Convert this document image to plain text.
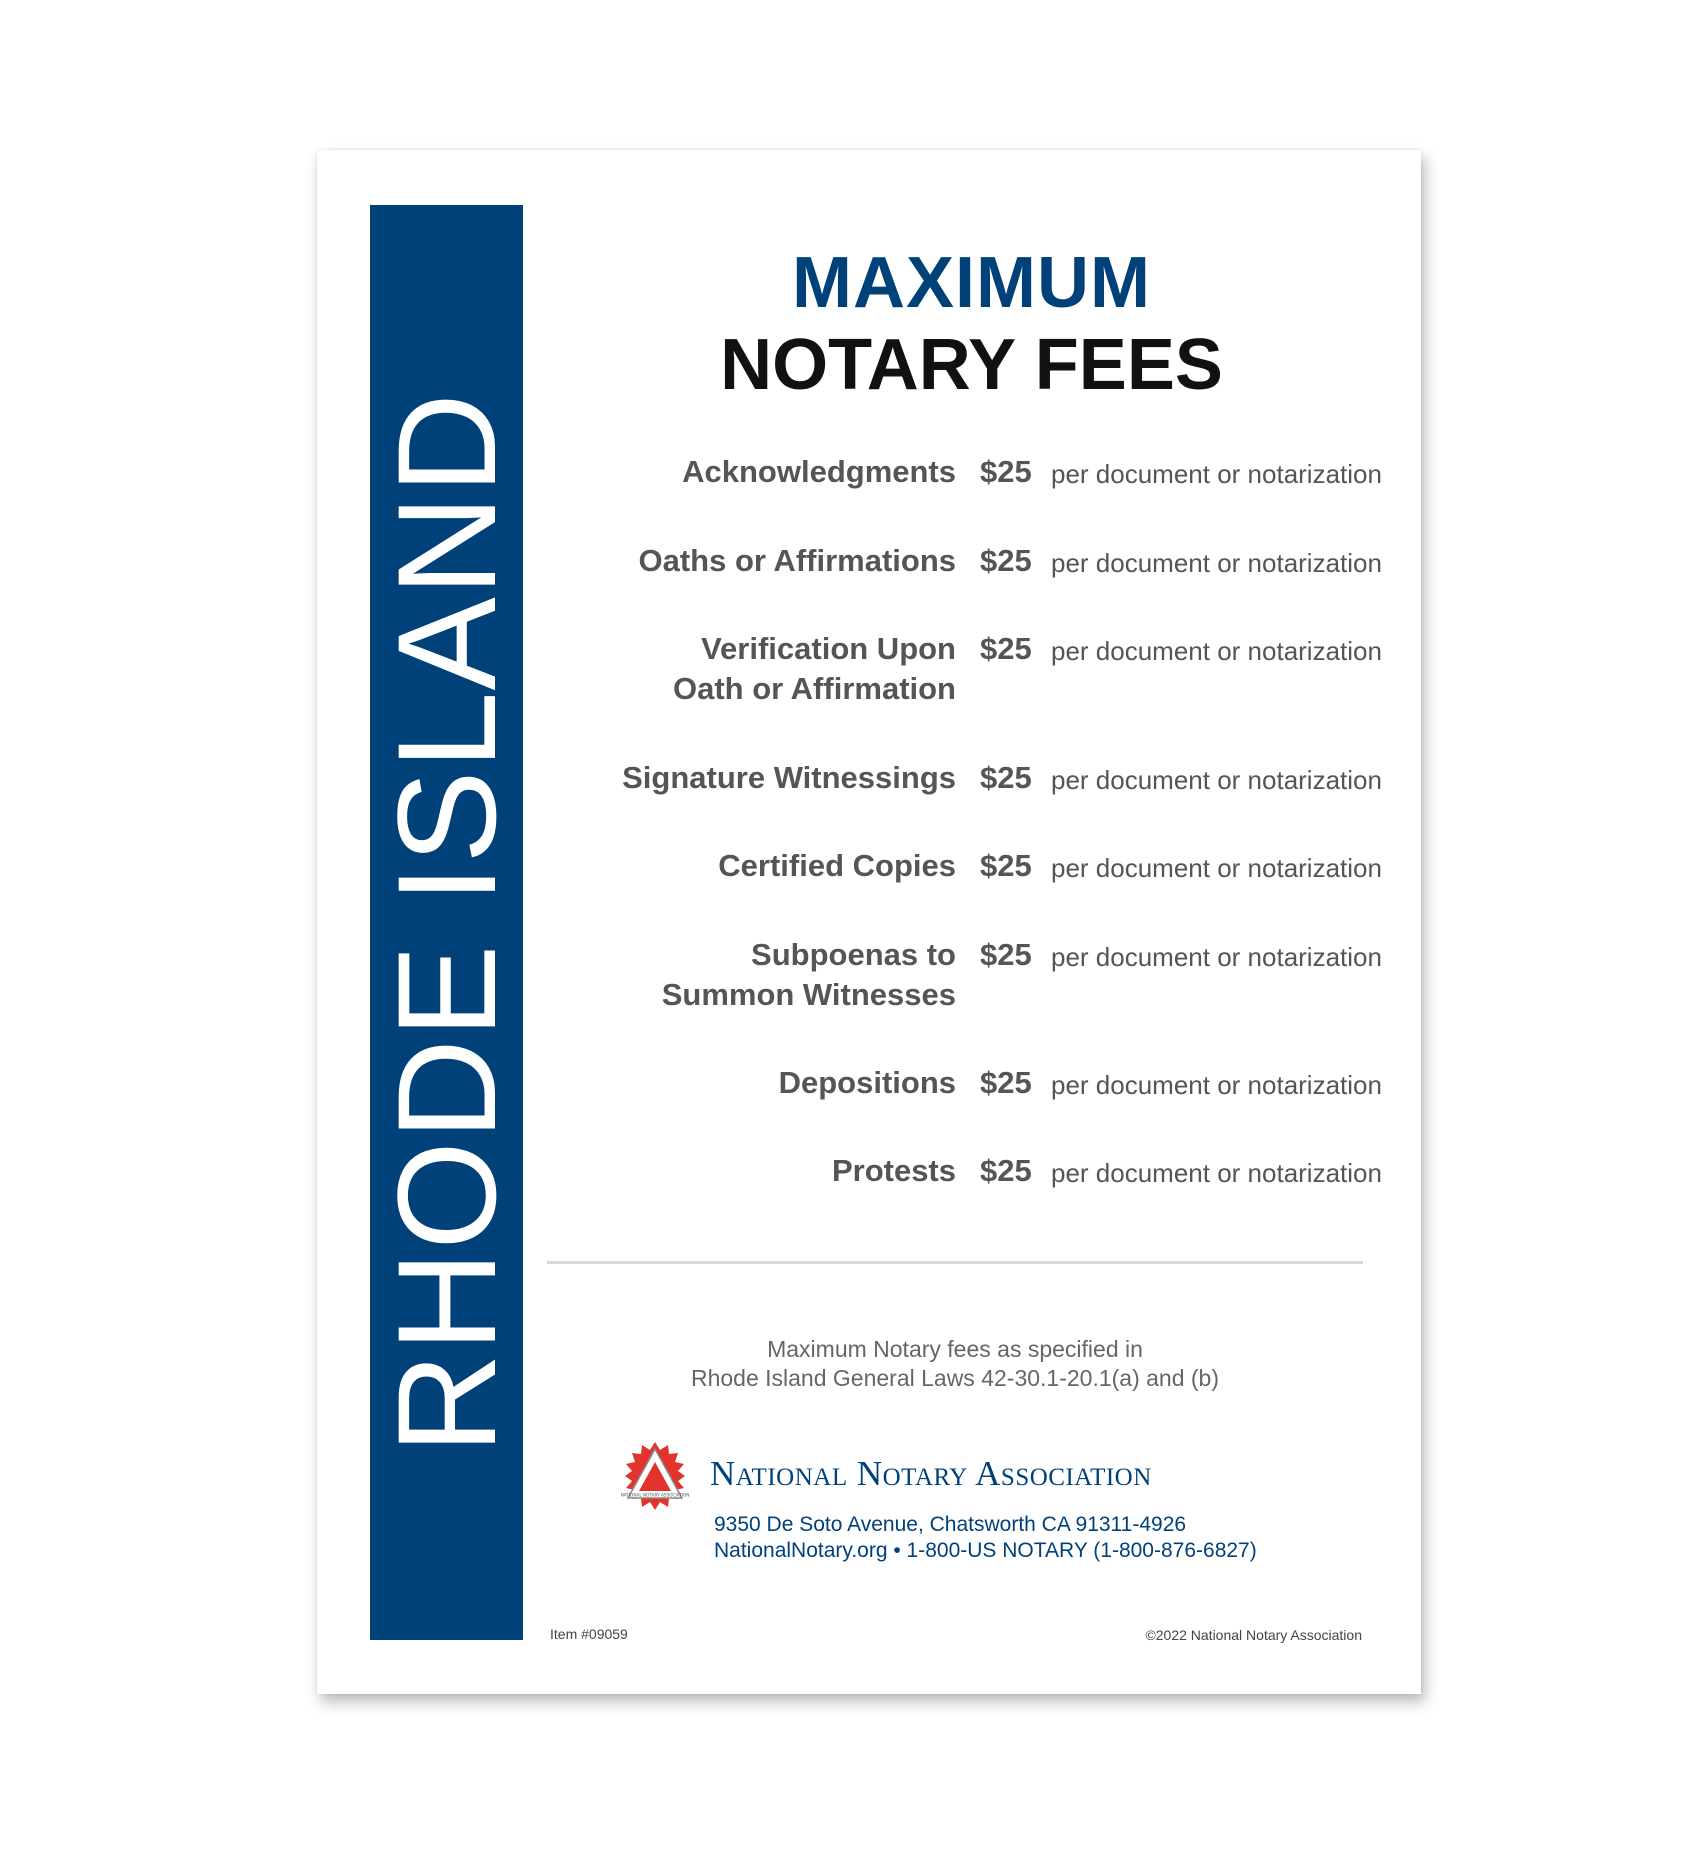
RHODE ISLAND
MAXIMUM
NOTARY FEES
Acknowledgments $25 per document or notarization
Oaths or Affirmations $25 per document or notarization
Verification Upon
Oath or Affirmation
$25 per document or notarization
Signature Witnessings $25 per document or notarization
Certified Copies $25 per document or notarization
Subpoenas to
Summon Witnesses
$25 per document or notarization
Depositions $25 per document or notarization
Protests $25 per document or notarization
Maximum Notary fees as specified in
Rhode Island General Laws 42-30.1-20.1(a) and (b)
NATIONAL NOTARY ASSOCIATION
National Notary Association
9350 De Soto Avenue, Chatsworth CA 91311-4926
NationalNotary.org • 1-800-US NOTARY (1-800-876-6827)
Item #09059	©2022 National Notary Association
